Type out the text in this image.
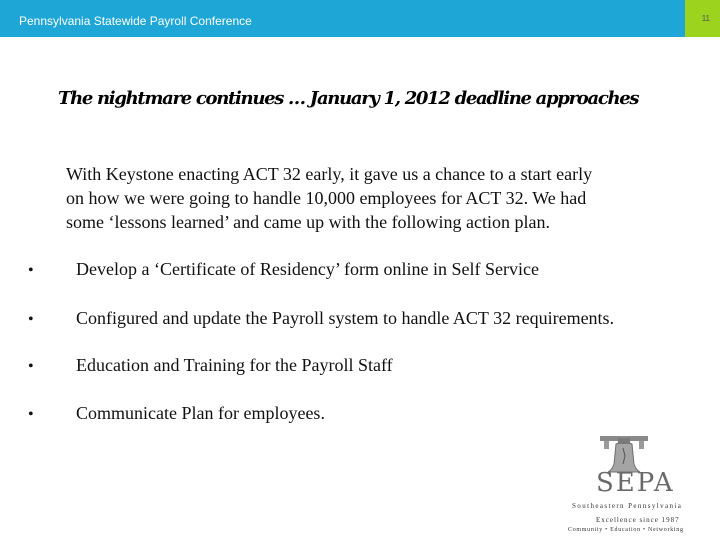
Pennsylvania Statewide Payroll Conference	11
The nightmare continues … January 1, 2012 deadline approaches
With Keystone enacting ACT 32 early, it gave us a chance to a start early
on how we were going to handle 10,000 employees for ACT 32. We had
some ‘lessons learned’ and came up with the following action plan.
• Develop a ‘Certificate of Residency’ form online in Self Service
• Configured and update the Payroll system to handle ACT 32 requirements.
• Education and Training for the Payroll Staff
• Communicate Plan for employees.
SEPA
Southeastern Pennsylvania
Excellence since 1987
Community • Education • Networking
